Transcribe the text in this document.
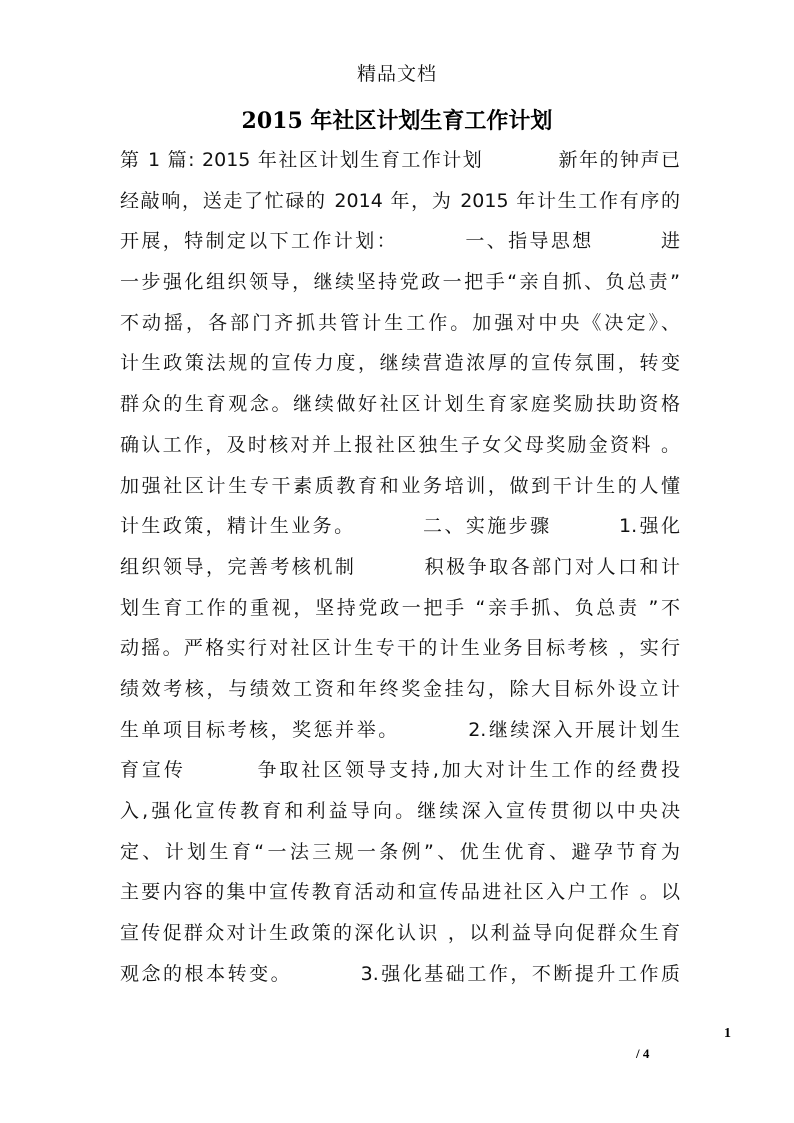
精品文档
2015 年社区计划生育工作计划
第 1 篇: 2015 年社区计划生育工作计划          新年的钟声已
经敲响，送走了忙碌的 2014 年，为 2015 年计生工作有序的
开展，特制定以下工作计划：        一、指导思想        进
一步强化组织领导，继续坚持党政一把手“亲自抓、负总责”
不动摇，各部门齐抓共管计生工作。加强对中央《决定》、
计生政策法规的宣传力度，继续营造浓厚的宣传氛围，转变
群众的生育观念。继续做好社区计划生育家庭奖励扶助资格
确认工作，及时核对并上报社区独生子女父母奖励金资料 。
加强社区计生专干素质教育和业务培训，做到干计生的人懂
计生政策，精计生业务。        二、实施步骤        1.强化
组织领导，完善考核机制        积极争取各部门对人口和计
划生育工作的重视，坚持党政一把手 “亲手抓、负总责 ”不
动摇。严格实行对社区计生专干的计生业务目标考核 ，实行
绩效考核，与绩效工资和年终奖金挂勾，除大目标外设立计
生单项目标考核，奖惩并举。        2.继续深入开展计划生
育宣传        争取社区领导支持,加大对计生工作的经费投
入,强化宣传教育和利益导向。继续深入宣传贯彻以中央决
定、计划生育“一法三规一条例”、优生优育、避孕节育为
主要内容的集中宣传教育活动和宣传品进社区入户工作 。以
宣传促群众对计生政策的深化认识 ，以利益导向促群众生育
观念的根本转变。        3.强化基础工作，不断提升工作质
1
/ 4
